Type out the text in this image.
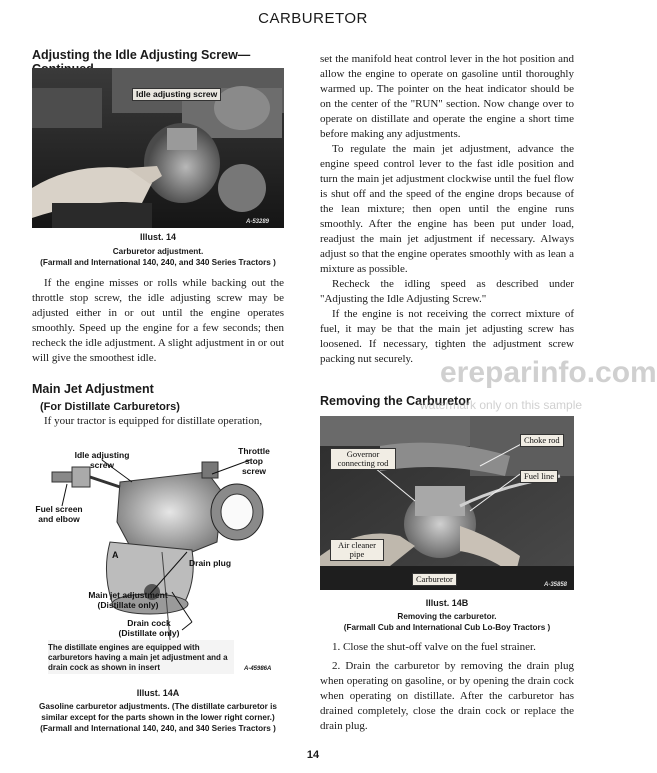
CARBURETOR
Adjusting the Idle Adjusting Screw—
Idle adjusting screw
A-53289
Illust. 14

Carburetor adjustment.

(Farmall and International 140, 240, and 340 Series Tractors )

If the engine misses or rolls while backing out the throttle stop screw, the idle adjusting screw may be adjusted either in or out until the engine operates smoothly. Speed up the engine for a few seconds; then recheck the idle adjustment. A slight adjustment in or out will give the smoothest idle.

Main Jet Adjustment
(For Distillate Carburetors)

If your tractor is equipped for distillate operation,

Idle adjusting screw
Throttle stop screw
Fuel screen and elbow
A
Drain plug
Main jet adjustment (Distillate only)
Drain cock (Distillate only)
The distillate engines are equipped with carburetors having a main jet adjustment and a drain cock as shown in insert	A-45986A
Illust. 14A

Gasoline carburetor adjustments. (The distillate carburetor is similar except for the parts shown in the lower right corner.)

(Farmall and International 140, 240, and 340 Series Tractors )

set the manifold heat control lever in the hot position and allow the engine to operate on gasoline until thoroughly warmed up. The pointer on the heat indicator should be on the center of the "RUN" section. Now change over to operate on distillate and operate the engine a short time before making any adjustments.

To regulate the main jet adjustment, advance the engine speed control lever to the fast idle position and turn the main jet adjustment clockwise until the fuel flow is shut off and the speed of the engine drops because of the lean mixture; then open until the engine runs smoothly. After the engine has been put under load, readjust the main jet adjustment if necessary. Always adjust so that the engine operates smoothly with as lean a mixture as possible.

Recheck the idling speed as described under "Adjusting the Idle Adjusting Screw."

If the engine is not receiving the correct mixture of fuel, it may be that the main jet adjusting screw has loosened. If necessary, tighten the adjustment screw packing nut securely.

Removing the Carburetor
Choke rod
Governor connecting rod
Fuel line
Air cleaner pipe
Carburetor
A-35858
Illust. 14B

Removing the carburetor.

(Farmall Cub and International Cub Lo-Boy Tractors )

1. Close the shut-off valve on the fuel strainer.

2. Drain the carburetor by removing the drain plug when operating on gasoline, or by opening the drain cock when operating on distillate. After the carburetor has drained completely, close the drain cock or replace the drain plug.

14
ereparinfo.com
watermark only on this sample
